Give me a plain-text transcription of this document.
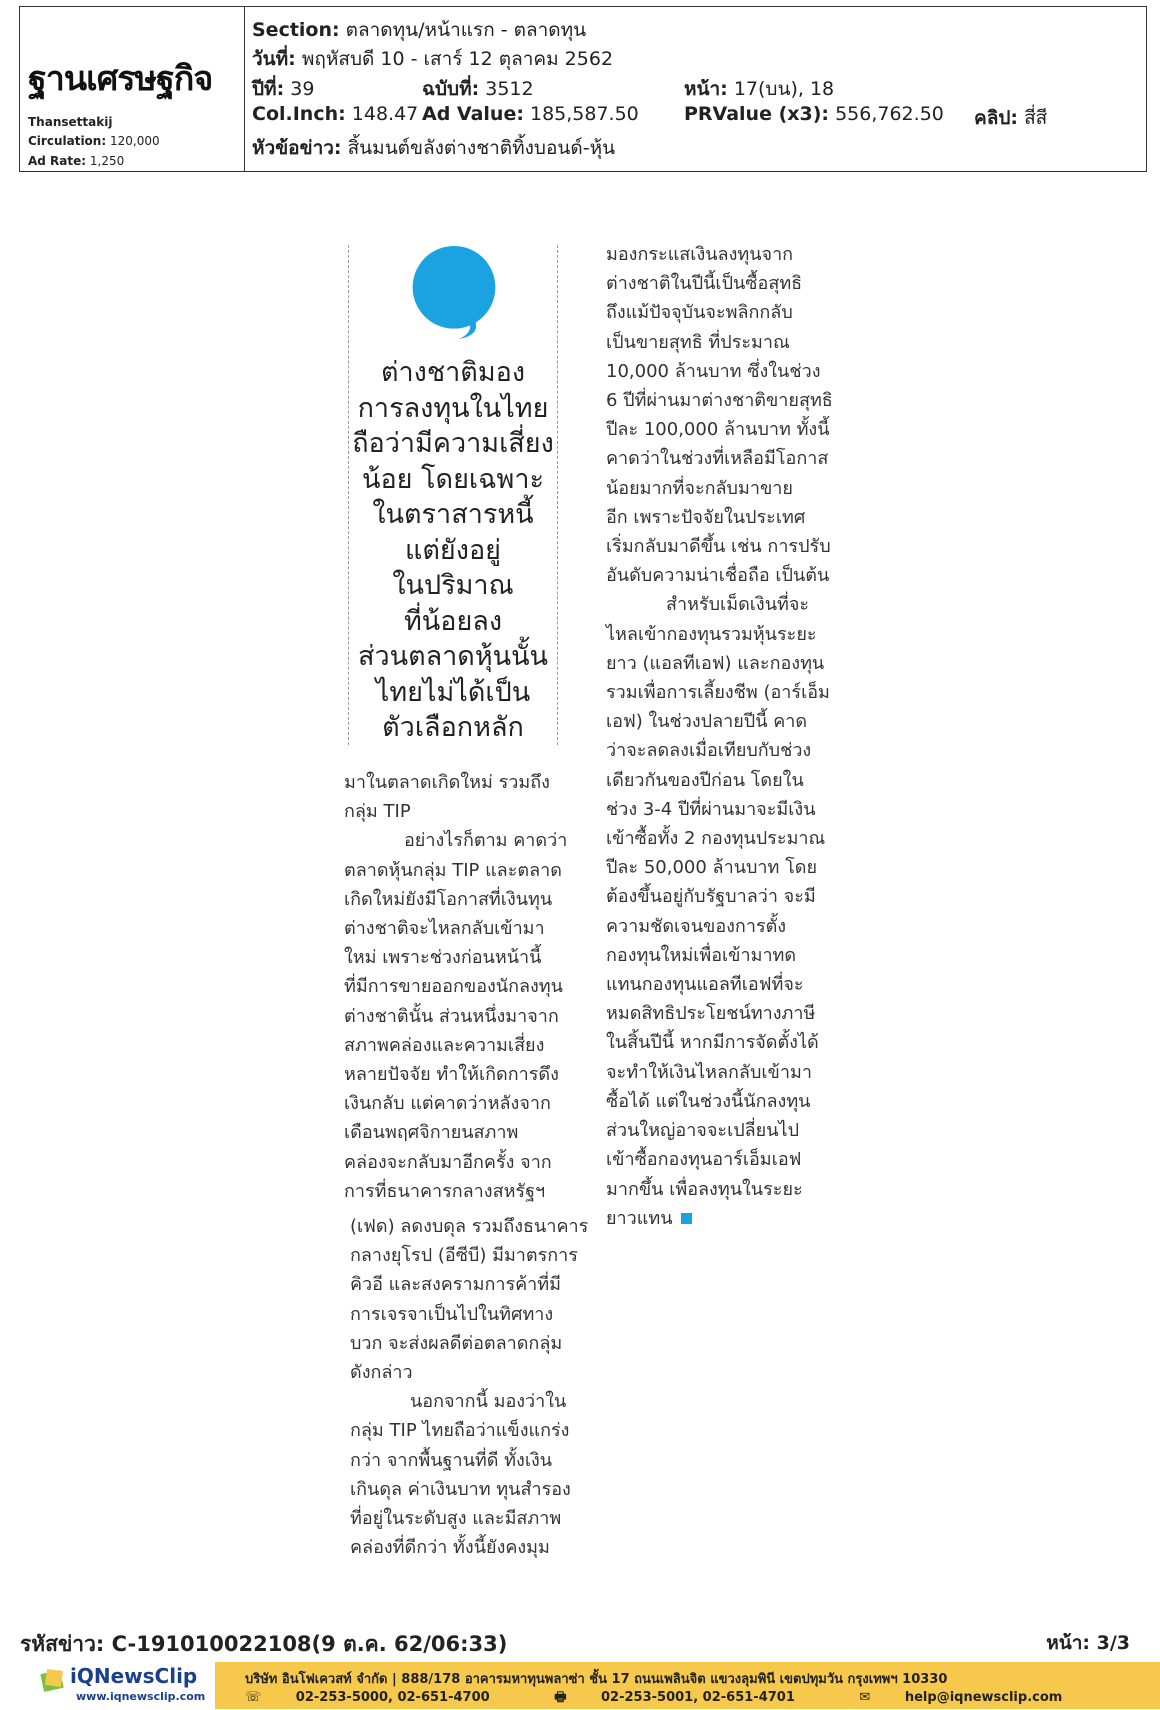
ฐานเศรษฐกิจ
Thansettakij
Circulation: 120,000
Ad Rate: 1,250
Section: ตลาดทุน/หน้าแรก - ตลาดทุน
วันที่: พฤหัสบดี 10 - เสาร์ 12 ตุลาคม 2562
ปีที่: 39	ฉบับที่: 3512	หน้า: 17(บน), 18
Col.Inch: 148.47 Ad Value: 185,587.50 PRValue (x3): 556,762.50 คลิป: สี่สี
หัวข้อข่าว: สิ้นมนต์ขลังต่างชาติทิ้งบอนด์-หุ้น
ต่างชาติมอง
การลงทุนในไทย
ถือว่ามีความเสี่ยง
น้อย โดยเฉพาะ
ในตราสารหนี้
แต่ยังอยู่
ในปริมาณ
ที่น้อยลง
ส่วนตลาดหุ้นนั้น
ไทยไม่ได้เป็น
ตัวเลือกหลัก
มาในตลาดเกิดใหม่ รวมถึง
กลุ่ม TIP
อย่างไรก็ตาม คาดว่า
ตลาดหุ้นกลุ่ม TIP และตลาด
เกิดใหม่ยังมีโอกาสที่เงินทุน
ต่างชาติจะไหลกลับเข้ามา
ใหม่ เพราะช่วงก่อนหน้านี้
ที่มีการขายออกของนักลงทุน
ต่างชาตินั้น ส่วนหนึ่งมาจาก
สภาพคล่องและความเสี่ยง
หลายปัจจัย ทำให้เกิดการดึง
เงินกลับ แต่คาดว่าหลังจาก
เดือนพฤศจิกายนสภาพ
คล่องจะกลับมาอีกครั้ง จาก
การที่ธนาคารกลางสหรัฐฯ
(เฟด) ลดงบดุล รวมถึงธนาคาร
กลางยุโรป (อีซีบี) มีมาตรการ
คิวอี และสงครามการค้าที่มี
การเจรจาเป็นไปในทิศทาง
บวก จะส่งผลดีต่อตลาดกลุ่ม
ดังกล่าว
นอกจากนี้ มองว่าใน
กลุ่ม TIP ไทยถือว่าแข็งแกร่ง
กว่า จากพื้นฐานที่ดี ทั้งเงิน
เกินดุล ค่าเงินบาท ทุนสำรอง
ที่อยู่ในระดับสูง และมีสภาพ
คล่องที่ดีกว่า ทั้งนี้ยังคงมุม
มองกระแสเงินลงทุนจาก
ต่างชาติในปีนี้เป็นซื้อสุทธิ
ถึงแม้ปัจจุบันจะพลิกกลับ
เป็นขายสุทธิ ที่ประมาณ
10,000 ล้านบาท ซึ่งในช่วง
6 ปีที่ผ่านมาต่างชาติขายสุทธิ
ปีละ 100,000 ล้านบาท ทั้งนี้
คาดว่าในช่วงที่เหลือมีโอกาส
น้อยมากที่จะกลับมาขาย
อีก เพราะปัจจัยในประเทศ
เริ่มกลับมาดีขึ้น เช่น การปรับ
อันดับความน่าเชื่อถือ เป็นต้น
สำหรับเม็ดเงินที่จะ
ไหลเข้ากองทุนรวมหุ้นระยะ
ยาว (แอลทีเอฟ) และกองทุน
รวมเพื่อการเลี้ยงชีพ (อาร์เอ็ม
เอฟ) ในช่วงปลายปีนี้ คาด
ว่าจะลดลงเมื่อเทียบกับช่วง
เดียวกันของปีก่อน โดยใน
ช่วง 3-4 ปีที่ผ่านมาจะมีเงิน
เข้าซื้อทั้ง 2 กองทุนประมาณ
ปีละ 50,000 ล้านบาท โดย
ต้องขึ้นอยู่กับรัฐบาลว่า จะมี
ความชัดเจนของการตั้ง
กองทุนใหม่เพื่อเข้ามาทด
แทนกองทุนแอลทีเอฟที่จะ
หมดสิทธิประโยชน์ทางภาษี
ในสิ้นปีนี้ หากมีการจัดตั้งได้
จะทำให้เงินไหลกลับเข้ามา
ซื้อได้ แต่ในช่วงนี้นักลงทุน
ส่วนใหญ่อาจจะเปลี่ยนไป
เข้าซื้อกองทุนอาร์เอ็มเอฟ
มากขึ้น เพื่อลงทุนในระยะ
ยาวแทน
รหัสข่าว: C-191010022108(9 ต.ค. 62/06:33)	หน้า: 3/3
iQNewsClip
www.iqnewsclip.com
บริษัท อินโฟเควสท์ จำกัด | 888/178 อาคารมหาทุนพลาซ่า ชั้น 17 ถนนเพลินจิต แขวงลุมพินี เขตปทุมวัน กรุงเทพฯ 10330
☏	02-253-5000, 02-651-4700	🖶	02-253-5001, 02-651-4701	✉	help@iqnewsclip.com
